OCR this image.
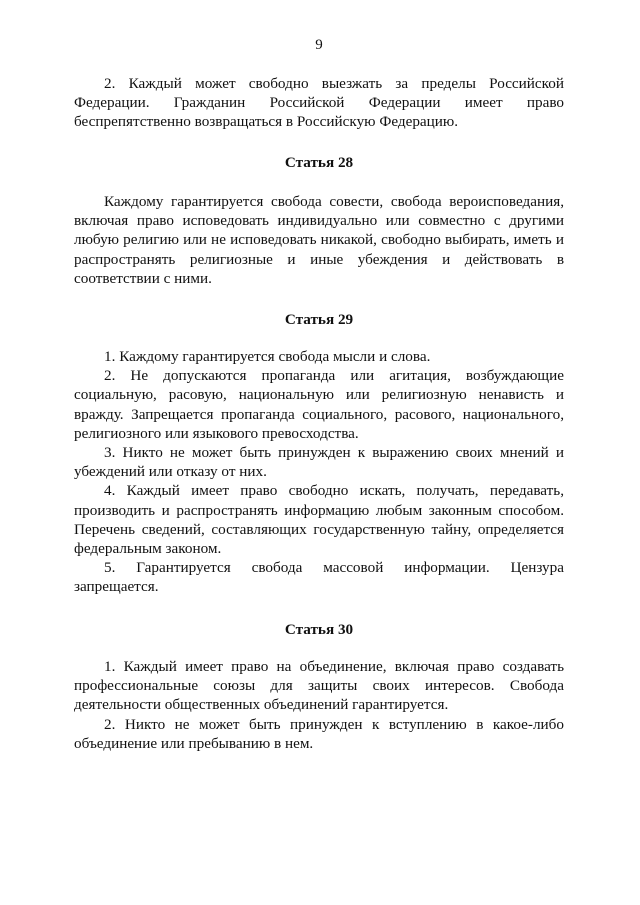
9
2. Каждый может свободно выезжать за пределы Российской
Федерации. Гражданин Российской Федерации имеет право
беспрепятственно возвращаться в Российскую Федерацию.
Статья 28
Каждому гарантируется свобода совести, свобода вероисповедания,
включая право исповедовать индивидуально или совместно с другими
любую религию или не исповедовать никакой, свободно выбирать, иметь и
распространять религиозные и иные убеждения и действовать в
соответствии с ними.
Статья 29
1. Каждому гарантируется свобода мысли и слова.
2. Не допускаются пропаганда или агитация, возбуждающие
социальную, расовую, национальную или религиозную ненависть и
вражду. Запрещается пропаганда социального, расового, национального,
религиозного или языкового превосходства.
3. Никто не может быть принужден к выражению своих мнений и
убеждений или отказу от них.
4. Каждый имеет право свободно искать, получать, передавать,
производить и распространять информацию любым законным способом.
Перечень сведений, составляющих государственную тайну, определяется
федеральным законом.
5. Гарантируется свобода массовой информации. Цензура
запрещается.
Статья 30
1. Каждый имеет право на объединение, включая право создавать
профессиональные союзы для защиты своих интересов. Свобода
деятельности общественных объединений гарантируется.
2. Никто не может быть принужден к вступлению в какое-либо
объединение или пребыванию в нем.
